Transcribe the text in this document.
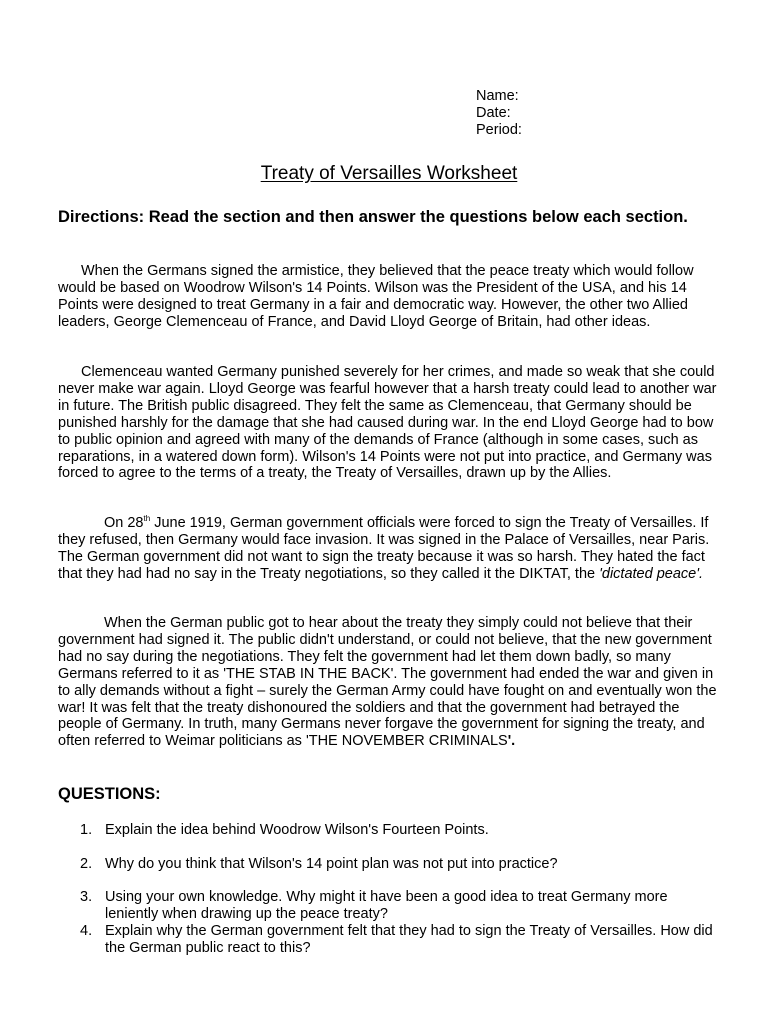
Name:
Date:
Period:
Treaty of Versailles Worksheet
Directions: Read the section and then answer the questions below each section.

When the Germans signed the armistice, they believed that the peace treaty which would follow would be based on Woodrow Wilson's 14 Points. Wilson was the President of the USA, and his 14 Points were designed to treat Germany in a fair and democratic way. However, the other two Allied leaders, George Clemenceau of France, and David Lloyd George of Britain, had other ideas.

Clemenceau wanted Germany punished severely for her crimes, and made so weak that she could never make war again. Lloyd George was fearful however that a harsh treaty could lead to another war in future. The British public disagreed. They felt the same as Clemenceau, that Germany should be punished harshly for the damage that she had caused during war. In the end Lloyd George had to bow to public opinion and agreed with many of the demands of France (although in some cases, such as reparations, in a watered down form). Wilson's 14 Points were not put into practice, and Germany was forced to agree to the terms of a treaty, the Treaty of Versailles, drawn up by the Allies.

On 28th June 1919, German government officials were forced to sign the Treaty of Versailles. If they refused, then Germany would face invasion. It was signed in the Palace of Versailles, near Paris. The German government did not want to sign the treaty because it was so harsh. They hated the fact that they had had no say in the Treaty negotiations, so they called it the DIKTAT, the 'dictated peace'.

When the German public got to hear about the treaty they simply could not believe that their government had signed it. The public didn't understand, or could not believe, that the new government had no say during the negotiations. They felt the government had let them down badly, so many Germans referred to it as 'THE STAB IN THE BACK'. The government had ended the war and given in to ally demands without a fight – surely the German Army could have fought on and eventually won the war! It was felt that the treaty dishonoured the soldiers and that the government had betrayed the people of Germany. In truth, many Germans never forgave the government for signing the treaty, and often referred to Weimar politicians as 'THE NOVEMBER CRIMINALS'.

QUESTIONS:
1. Explain the idea behind Woodrow Wilson's Fourteen Points.
2. Why do you think that Wilson's 14 point plan was not put into practice?
3. Using your own knowledge. Why might it have been a good idea to treat Germany more leniently when drawing up the peace treaty?
4. Explain why the German government felt that they had to sign the Treaty of Versailles. How did the German public react to this?
